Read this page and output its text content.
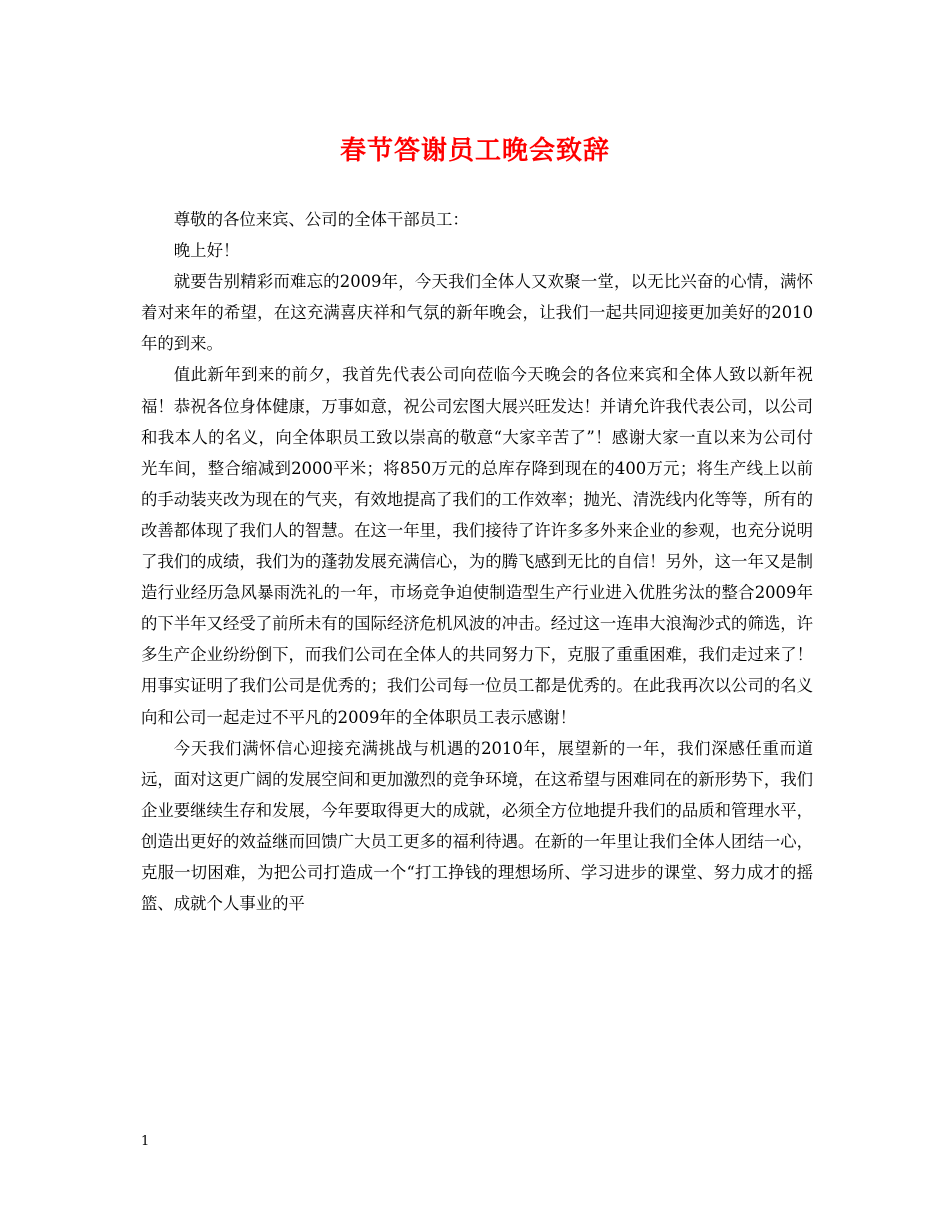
春节答谢员工晚会致辞

尊敬的各位来宾、公司的全体干部员工：

晚上好！

就要告别精彩而难忘的2009年，今天我们全体人又欢聚一堂，以无比兴奋的心情，满怀着对来年的希望，在这充满喜庆祥和气氛的新年晚会，让我们一起共同迎接更加美好的2010年的到来。

值此新年到来的前夕，我首先代表公司向莅临今天晚会的各位来宾和全体人致以新年祝福！恭祝各位身体健康，万事如意，祝公司宏图大展兴旺发达！并请允许我代表公司，以公司和我本人的名义，向全体职员工致以崇高的敬意“大家辛苦了”！感谢大家一直以来为公司付光车间，整合缩减到2000平米；将850万元的总库存降到现在的400万元；将生产线上以前的手动装夹改为现在的气夹，有效地提高了我们的工作效率；抛光、清洗线内化等等，所有的改善都体现了我们人的智慧。在这一年里，我们接待了许许多多外来企业的参观，也充分说明了我们的成绩，我们为的蓬勃发展充满信心，为的腾飞感到无比的自信！另外，这一年又是制造行业经历急风暴雨洗礼的一年，市场竞争迫使制造型生产行业进入优胜劣汰的整合2009年的下半年又经受了前所未有的国际经济危机风波的冲击。经过这一连串大浪淘沙式的筛选，许多生产企业纷纷倒下，而我们公司在全体人的共同努力下，克服了重重困难，我们走过来了！用事实证明了我们公司是优秀的；我们公司每一位员工都是优秀的。在此我再次以公司的名义向和公司一起走过不平凡的2009年的全体职员工表示感谢！

今天我们满怀信心迎接充满挑战与机遇的2010年，展望新的一年，我们深感任重而道远，面对这更广阔的发展空间和更加激烈的竞争环境，在这希望与困难同在的新形势下，我们企业要继续生存和发展，今年要取得更大的成就，必须全方位地提升我们的品质和管理水平，创造出更好的效益继而回馈广大员工更多的福利待遇。在新的一年里让我们全体人团结一心，克服一切困难，为把公司打造成一个“打工挣钱的理想场所、学习进步的课堂、努力成才的摇篮、成就个人事业的平

1
